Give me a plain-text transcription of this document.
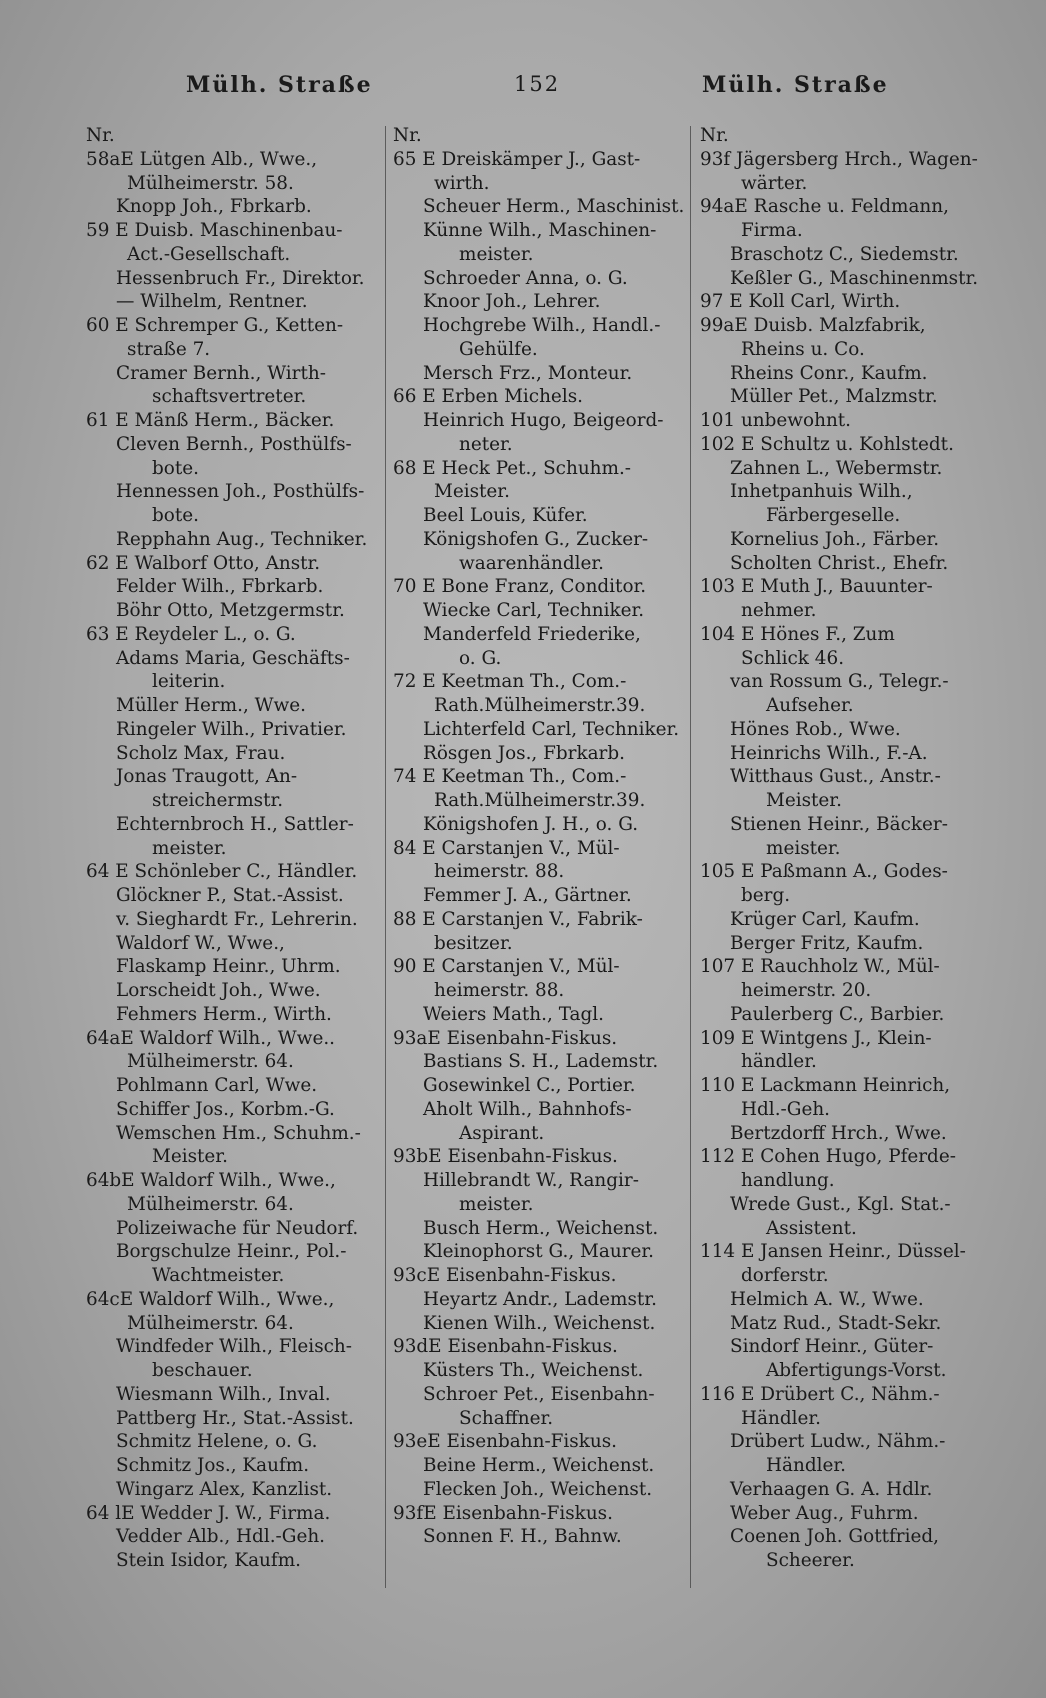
Mülh. Straße	152	Mülh. Straße
Nr.
58aE Lütgen Alb., Wwe.,
Mülheimerstr. 58.
Knopp Joh., Fbrkarb.
59 E Duisb. Maschinenbau-
Act.-Gesellschaft.
Hessenbruch Fr., Direktor.
— Wilhelm, Rentner.
60 E Schremper G., Ketten-
straße 7.
Cramer Bernh., Wirth-
schaftsvertreter.
61 E Mänß Herm., Bäcker.
Cleven Bernh., Posthülfs-
bote.
Hennessen Joh., Posthülfs-
bote.
Repphahn Aug., Techniker.
62 E Walborf Otto, Anstr.
Felder Wilh., Fbrkarb.
Böhr Otto, Metzgermstr.
63 E Reydeler L., o. G.
Adams Maria, Geschäfts-
leiterin.
Müller Herm., Wwe.
Ringeler Wilh., Privatier.
Scholz Max, Frau.
Jonas Traugott, An-
streichermstr.
Echternbroch H., Sattler-
meister.
64 E Schönleber C., Händler.
Glöckner P., Stat.-Assist.
v. Sieghardt Fr., Lehrerin.
Waldorf W., Wwe.,
Flaskamp Heinr., Uhrm.
Lorscheidt Joh., Wwe.
Fehmers Herm., Wirth.
64aE Waldorf Wilh., Wwe..
Mülheimerstr. 64.
Pohlmann Carl, Wwe.
Schiffer Jos., Korbm.-G.
Wemschen Hm., Schuhm.-
Meister.
64bE Waldorf Wilh., Wwe.,
Mülheimerstr. 64.
Polizeiwache für Neudorf.
Borgschulze Heinr., Pol.-
Wachtmeister.
64cE Waldorf Wilh., Wwe.,
Mülheimerstr. 64.
Windfeder Wilh., Fleisch-
beschauer.
Wiesmann Wilh., Inval.
Pattberg Hr., Stat.-Assist.
Schmitz Helene, o. G.
Schmitz Jos., Kaufm.
Wingarz Alex, Kanzlist.
64 lE Wedder J. W., Firma.
Vedder Alb., Hdl.-Geh.
Stein Isidor, Kaufm.
Nr.
65 E Dreiskämper J., Gast-
wirth.
Scheuer Herm., Maschinist.
Künne Wilh., Maschinen-
meister.
Schroeder Anna, o. G.
Knoor Joh., Lehrer.
Hochgrebe Wilh., Handl.-
Gehülfe.
Mersch Frz., Monteur.
66 E Erben Michels.
Heinrich Hugo, Beigeord-
neter.
68 E Heck Pet., Schuhm.-
Meister.
Beel Louis, Küfer.
Königshofen G., Zucker-
waarenhändler.
70 E Bone Franz, Conditor.
Wiecke Carl, Techniker.
Manderfeld Friederike,
o. G.
72 E Keetman Th., Com.-
Rath.Mülheimerstr.39.
Lichterfeld Carl, Techniker.
Rösgen Jos., Fbrkarb.
74 E Keetman Th., Com.-
Rath.Mülheimerstr.39.
Königshofen J. H., o. G.
84 E Carstanjen V., Mül-
heimerstr. 88.
Femmer J. A., Gärtner.
88 E Carstanjen V., Fabrik-
besitzer.
90 E Carstanjen V., Mül-
heimerstr. 88.
Weiers Math., Tagl.
93aE Eisenbahn-Fiskus.
Bastians S. H., Lademstr.
Gosewinkel C., Portier.
Aholt Wilh., Bahnhofs-
Aspirant.
93bE Eisenbahn-Fiskus.
Hillebrandt W., Rangir-
meister.
Busch Herm., Weichenst.
Kleinophorst G., Maurer.
93cE Eisenbahn-Fiskus.
Heyartz Andr., Lademstr.
Kienen Wilh., Weichenst.
93dE Eisenbahn-Fiskus.
Küsters Th., Weichenst.
Schroer Pet., Eisenbahn-
Schaffner.
93eE Eisenbahn-Fiskus.
Beine Herm., Weichenst.
Flecken Joh., Weichenst.
93fE Eisenbahn-Fiskus.
Sonnen F. H., Bahnw.
Nr.
93f Jägersberg Hrch., Wagen-
wärter.
94aE Rasche u. Feldmann,
Firma.
Braschotz C., Siedemstr.
Keßler G., Maschinenmstr.
97 E Koll Carl, Wirth.
99aE Duisb. Malzfabrik,
Rheins u. Co.
Rheins Conr., Kaufm.
Müller Pet., Malzmstr.
101 unbewohnt.
102 E Schultz u. Kohlstedt.
Zahnen L., Webermstr.
Inhetpanhuis Wilh.,
Färbergeselle.
Kornelius Joh., Färber.
Scholten Christ., Ehefr.
103 E Muth J., Bauunter-
nehmer.
104 E Hönes F., Zum
Schlick 46.
van Rossum G., Telegr.-
Aufseher.
Hönes Rob., Wwe.
Heinrichs Wilh., F.-A.
Witthaus Gust., Anstr.-
Meister.
Stienen Heinr., Bäcker-
meister.
105 E Paßmann A., Godes-
berg.
Krüger Carl, Kaufm.
Berger Fritz, Kaufm.
107 E Rauchholz W., Mül-
heimerstr. 20.
Paulerberg C., Barbier.
109 E Wintgens J., Klein-
händler.
110 E Lackmann Heinrich,
Hdl.-Geh.
Bertzdorff Hrch., Wwe.
112 E Cohen Hugo, Pferde-
handlung.
Wrede Gust., Kgl. Stat.-
Assistent.
114 E Jansen Heinr., Düssel-
dorferstr.
Helmich A. W., Wwe.
Matz Rud., Stadt-Sekr.
Sindorf Heinr., Güter-
Abfertigungs-Vorst.
116 E Drübert C., Nähm.-
Händler.
Drübert Ludw., Nähm.-
Händler.
Verhaagen G. A. Hdlr.
Weber Aug., Fuhrm.
Coenen Joh. Gottfried,
Scheerer.
